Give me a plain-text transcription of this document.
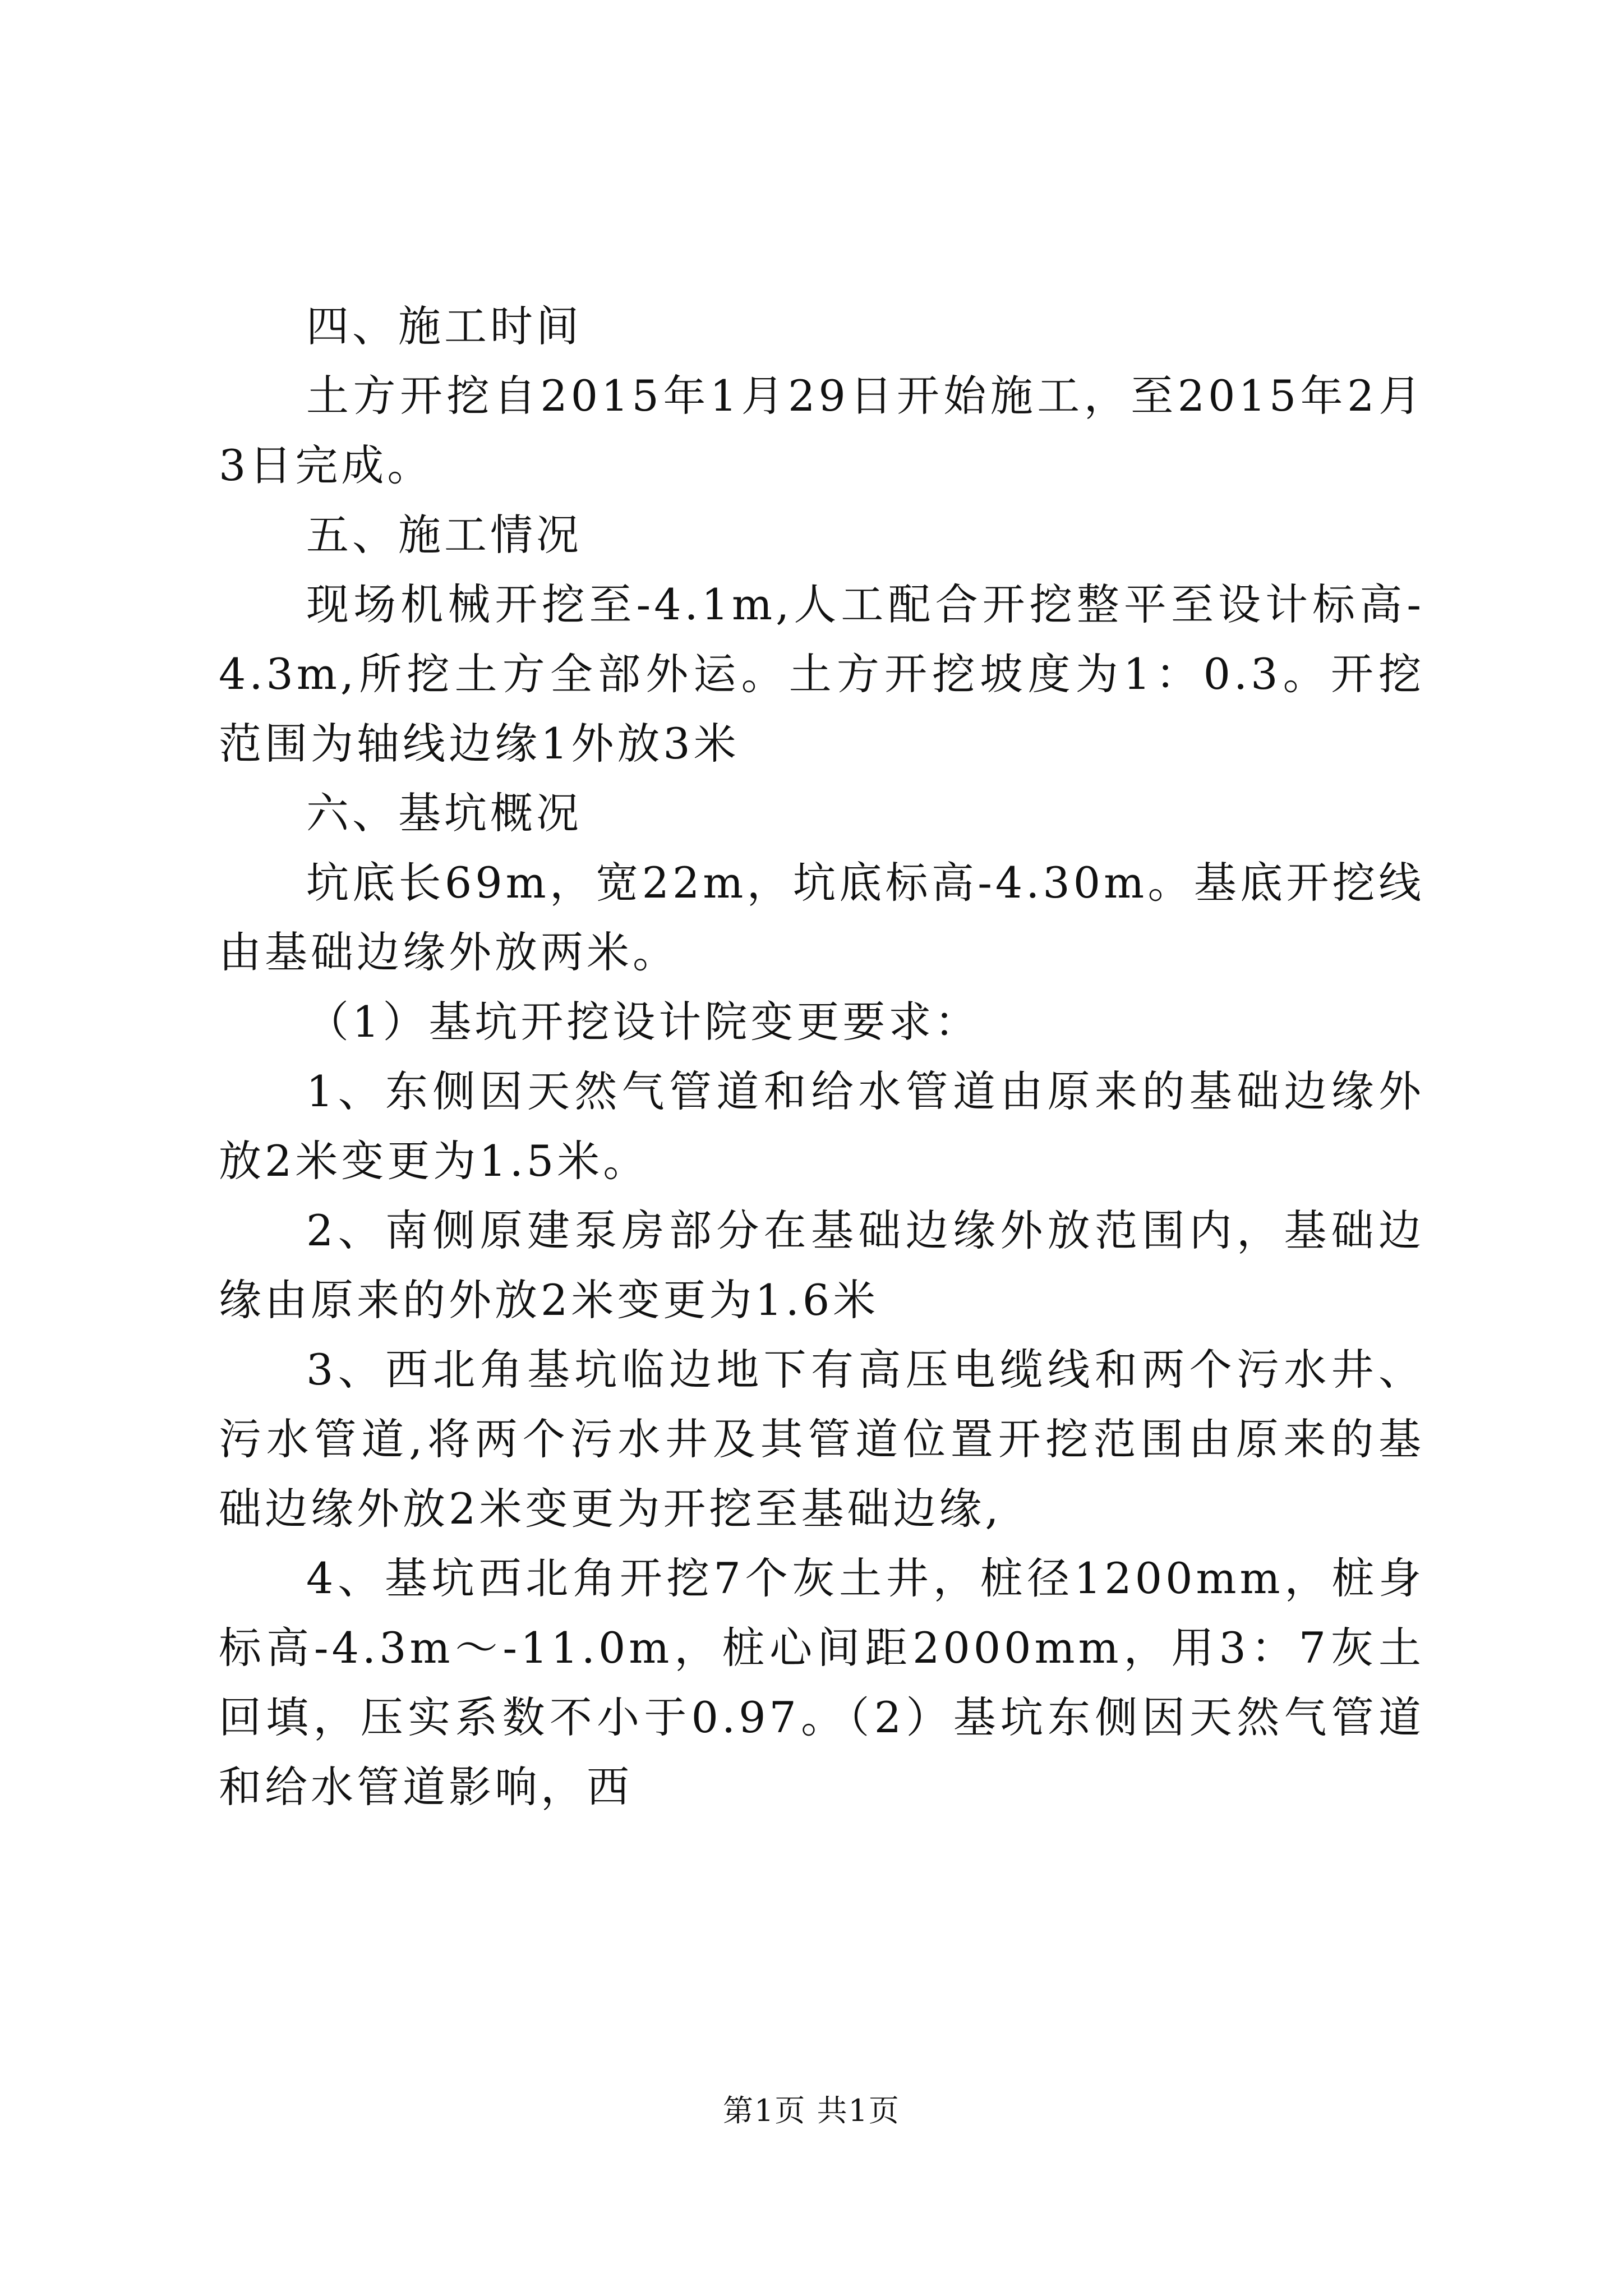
四、施工时间

土方开挖自2015年1月29日开始施工，至2015年2月3日完成。

五、施工情况

现场机械开挖至-4.1m,人工配合开挖整平至设计标高-4.3m,所挖土方全部外运。土方开挖坡度为1：0.3。开挖范围为轴线边缘1外放3米

六、基坑概况

坑底长69m，宽22m，坑底标高-4.30m。基底开挖线由基础边缘外放两米。

（1）基坑开挖设计院变更要求：

1、东侧因天然气管道和给水管道由原来的基础边缘外放2米变更为1.5米。

2、南侧原建泵房部分在基础边缘外放范围内，基础边缘由原来的外放2米变更为1.6米

3、西北角基坑临边地下有高压电缆线和两个污水井、污水管道,将两个污水井及其管道位置开挖范围由原来的基础边缘外放2米变更为开挖至基础边缘,

4、基坑西北角开挖7个灰土井，桩径1200mm，桩身标高-4.3m～-11.0m，桩心间距2000mm，用3：7灰土回填，压实系数不小于0.97。（2）基坑东侧因天然气管道和给水管道影响，西

第1页 共1页
